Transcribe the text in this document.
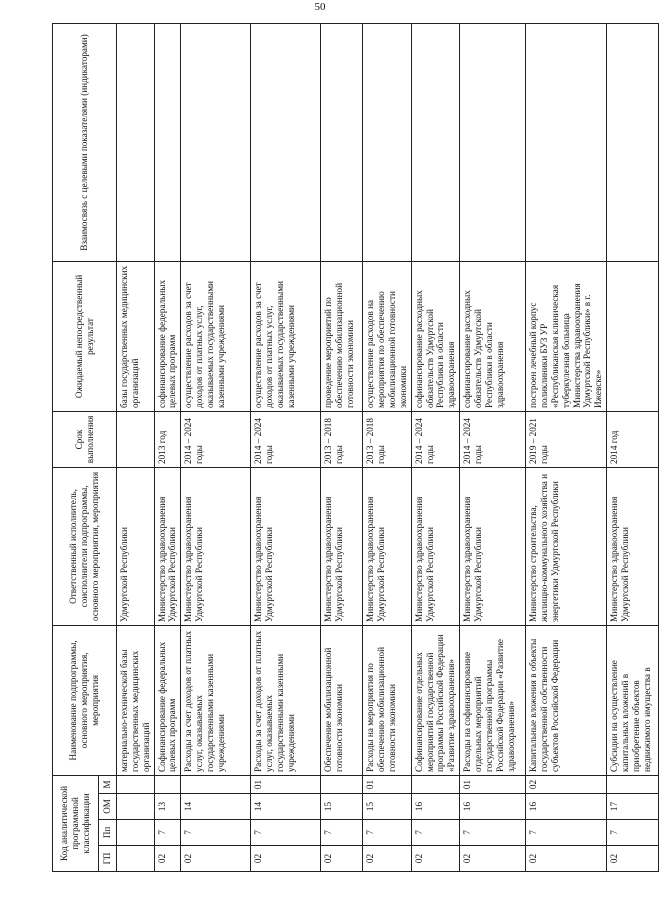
50
Код аналитической программной классификации				Наименование подпрограммы, основного мероприятия, мероприятия	Ответственный исполнитель, соисполнители подпрограммы, основного мероприятия, мероприятия	Срок выполнения	Ожидаемый непосредственный результат	Взаимосвязь с целевыми показателями (индикаторами)
ГП	Пп	ОМ	М					
				материально-технической базы государственных медицинских организаций	Удмуртской Республики		базы государственных медицинских организаций	
02	7	13		Софинансирование федеральных целевых программ	Министерство здравоохранения Удмуртской Республики	2013 год	софинансирование федеральных целевых программ	
02	7	14		Расходы за счет доходов от платных услуг, оказываемых государственными казенными учреждениями	Министерство здравоохранения Удмуртской Республики	2014 – 2024 годы	осуществление расходов за счет доходов от платных услуг, оказываемых государственными казенными учреждениями	
02	7	14	01	Расходы за счет доходов от платных услуг, оказываемых государственными казенными учреждениями	Министерство здравоохранения Удмуртской Республики	2014 – 2024 годы	осуществление расходов за счет доходов от платных услуг, оказываемых государственными казенными учреждениями	
02	7	15		Обеспечение мобилизационной готовности экономики	Министерство здравоохранения Удмуртской Республики	2013 – 2018 годы	проведение мероприятий по обеспечению мобилизационной готовности экономики	
02	7	15	01	Расходы на мероприятия по обеспечению мобилизационной готовности экономики	Министерство здравоохранения Удмуртской Республики	2013 – 2018 годы	осуществление расходов на мероприятия по обеспечению мобилизационной готовности экономики	
02	7	16		Софинансирование отдельных мероприятий государственной программы Российской Федерации «Развитие здравоохранения»	Министерство здравоохранения Удмуртской Республики	2014 – 2024 годы	софинансирование расходных обязательств Удмуртской Республики в области здравоохранения	
02	7	16	01	Расходы на софинансирование отдельных мероприятий государственной программы Российской Федерации «Развитие здравоохранения»	Министерство здравоохранения Удмуртской Республики	2014 – 2024 годы	софинансирование расходных обязательств Удмуртской Республики в области здравоохранения	
02	7	16	02	Капитальные вложения в объекты государственной собственности субъектов Российской Федерации	Министерство строительства, жилищно-коммунального хозяйства и энергетики Удмуртской Республики	2019 – 2021 годы	построен лечебный корпус поликлиники БУЗ УР «Республиканская клиническая туберкулезная больница Министерства здравоохранения Удмуртской Республики» в г. Ижевске»	
02	7	17		Субсидии на осуществление капитальных вложений в приобретение объектов недвижимого имущества в	Министерство здравоохранения Удмуртской Республики	2014 год		
